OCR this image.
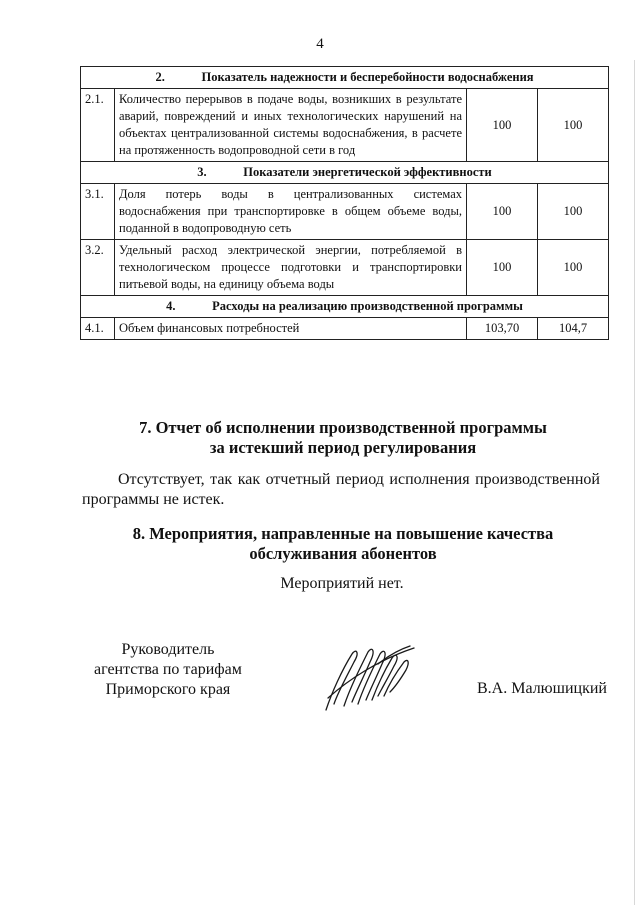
4
2. Показатель надежности и бесперебойности водоснабжения			
2.1.	Количество перерывов в подаче воды, возникших в результате аварий, повреждений и иных технологических нарушений на объектах централизованной системы водоснабжения, в расчете на протяженность водопроводной сети в год	100	100
3. Показатели энергетической эффективности			
3.1.	Доля потерь воды в централизованных системах водоснабжения при транспортировке в общем объеме воды, поданной в водопроводную сеть	100	100
3.2.	Удельный расход электрической энергии, потребляемой в технологическом процессе подготовки и транспортировки питьевой воды, на единицу объема воды	100	100
4. Расходы на реализацию производственной программы			
4.1.	Объем финансовых потребностей	103,70	104,7
7. Отчет об исполнении производственной программы
за истекший период регулирования
Отсутствует, так как отчетный период исполнения производственной программы не истек.
8. Мероприятия, направленные на повышение качества
обслуживания абонентов
Мероприятий нет.
Руководитель
агентства по тарифам
Приморского края	В.А. Малюшицкий
